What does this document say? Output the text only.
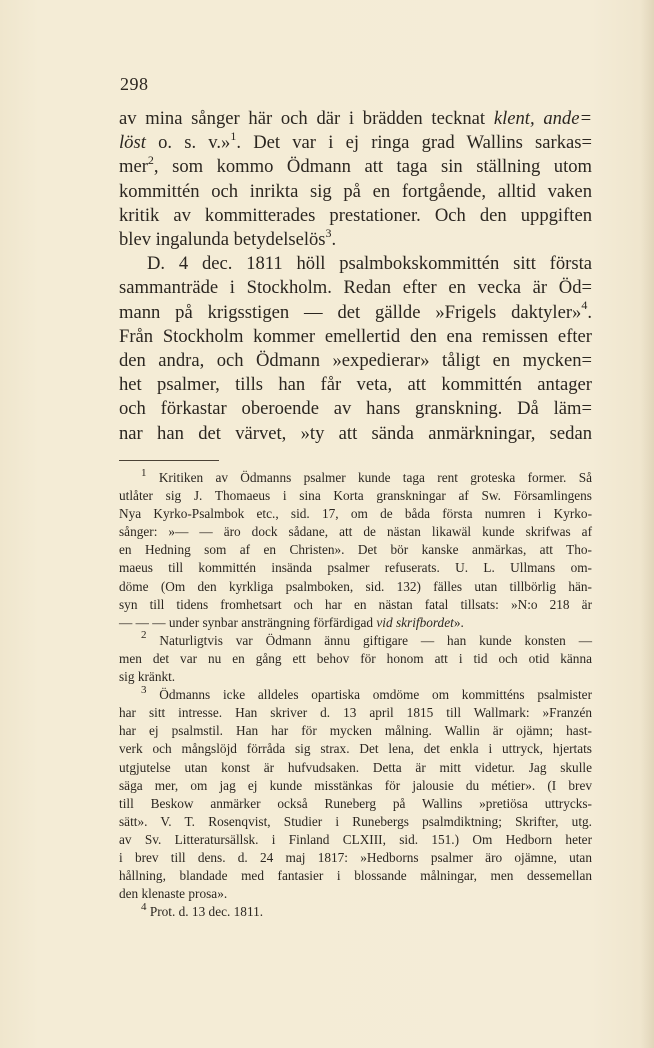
298
av mina sånger här och där i brädden tecknat klent, ande=
löst o. s. v.»$^1$. Det var i ej ringa grad Wallins sarkas=
mer$^2$, som kommo Ödmann att taga sin ställning utom
kommittén och inrikta sig på en fortgående, alltid vaken
kritik av kommitterades prestationer. Och den uppgiften
blev ingalunda betydelselös$^3$.
D. 4 dec. 1811 höll psalmbokskommittén sitt första
sammanträde i Stockholm. Redan efter en vecka är Öd=
mann på krigsstigen — det gällde »Frigels daktyler»$^4$.
Från Stockholm kommer emellertid den ena remissen efter
den andra, och Ödmann »expedierar» tåligt en mycken=
het psalmer, tills han får veta, att kommittén antager
och förkastar oberoende av hans granskning. Då läm=
nar han det värvet, »ty att sända anmärkningar, sedan
$^1$ Kritiken av Ödmanns psalmer kunde taga rent groteska former. Så
utlåter sig J. Thomaeus i sina Korta granskningar af Sw. Församlingens
Nya Kyrko-Psalmbok etc., sid. 17, om de båda första numren i Kyrko-
sånger: »— — äro dock sådane, att de nästan likawäl kunde skrifwas af
en Hedning som af en Christen». Det bör kanske anmärkas, att Tho-
maeus till kommittén insända psalmer refuserats. U. L. Ullmans om-
döme (Om den kyrkliga psalmboken, sid. 132) fälles utan tillbörlig hän-
syn till tidens fromhetsart och har en nästan fatal tillsats: »N:o 218 är
— — — under synbar ansträngning förfärdigad vid skrifbordet».
$^2$ Naturligtvis var Ödmann ännu giftigare — han kunde konsten —
men det var nu en gång ett behov för honom att i tid och otid känna
sig kränkt.
$^3$ Ödmanns icke alldeles opartiska omdöme om kommitténs psalmister
har sitt intresse. Han skriver d. 13 april 1815 till Wallmark: »Franzén
har ej psalmstil. Han har för mycken målning. Wallin är ojämn; hast-
verk och mångslöjd förråda sig strax. Det lena, det enkla i uttryck, hjertats
utgjutelse utan konst är hufvudsaken. Detta är mitt videtur. Jag skulle
säga mer, om jag ej kunde misstänkas för jalousie du métier». (I brev
till Beskow anmärker också Runeberg på Wallins »pretiösa uttrycks-
sätt». V. T. Rosenqvist, Studier i Runebergs psalmdiktning; Skrifter, utg.
av Sv. Litteratursällsk. i Finland CLXIII, sid. 151.) Om Hedborn heter
i brev till dens. d. 24 maj 1817: »Hedborns psalmer äro ojämne, utan
hållning, blandade med fantasier i blossande målningar, men dessemellan
den klenaste prosa».
$^4$ Prot. d. 13 dec. 1811.
